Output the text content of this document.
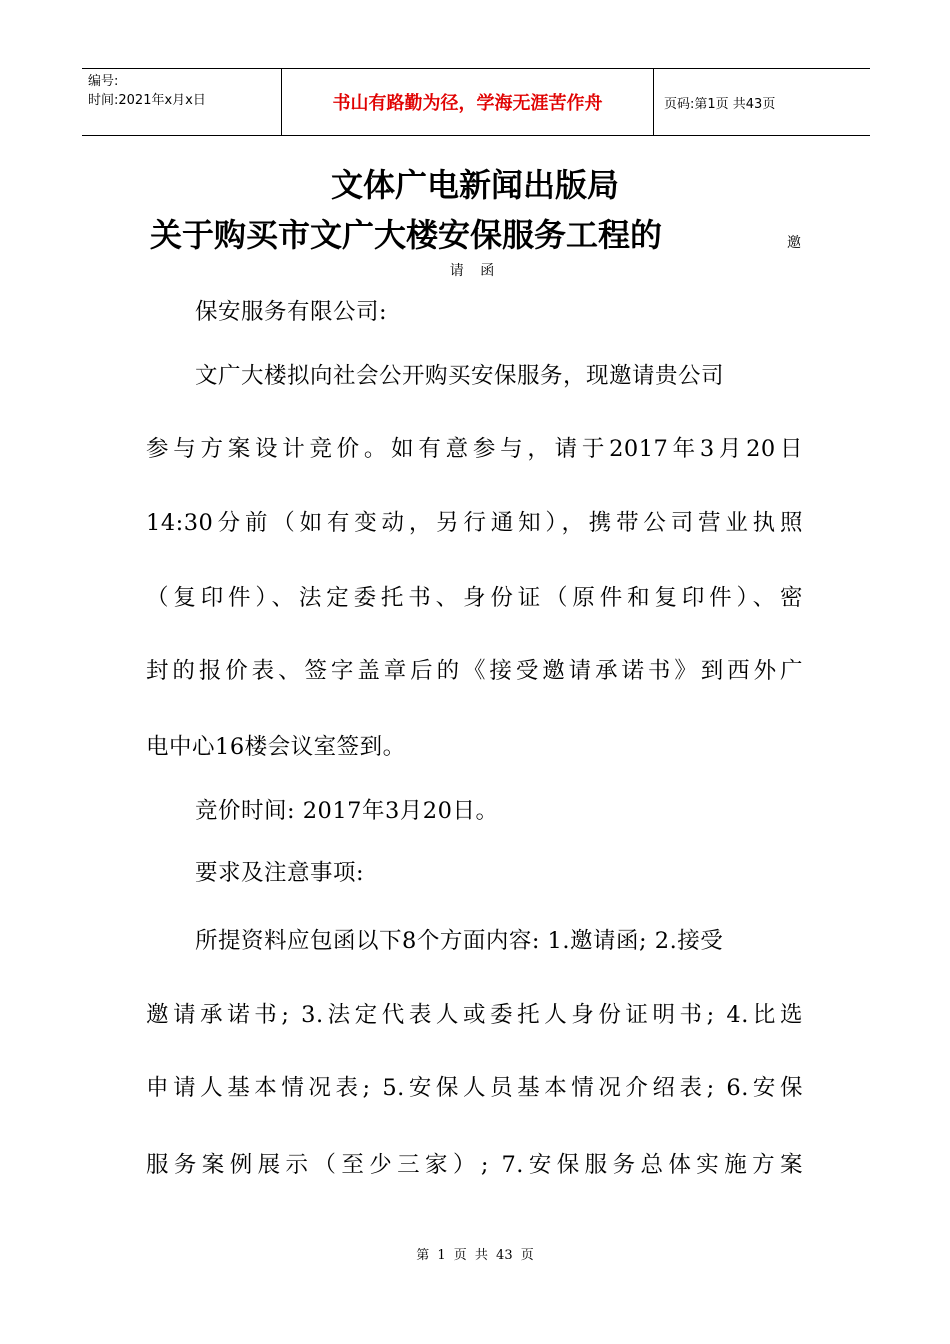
编号:
时间:2021年x月x日	书山有路勤为径，学海无涯苦作舟	页码:第1页 共43页
文体广电新闻出版局
关于购买市文广大楼安保服务工程的	邀
请 函
保安服务有限公司:
文广大楼拟向社会公开购买安保服务，现邀请贵公司
参与方案设计竞价。如有意参与，请于2017年3月20日
14:30分前（如有变动，另行通知），携带公司营业执照
（复印件）、法定委托书、身份证（原件和复印件）、密
封的报价表、签字盖章后的《接受邀请承诺书》到西外广
电中心16楼会议室签到。
竞价时间: 2017年3月20日。
要求及注意事项:
所提资料应包函以下8个方面内容: 1.邀请函; 2.接受
邀请承诺书; 3.法定代表人或委托人身份证明书; 4.比选
申请人基本情况表; 5.安保人员基本情况介绍表; 6.安保
服务案例展示（至少三家）; 7.安保服务总体实施方案
第 1 页 共 43 页
